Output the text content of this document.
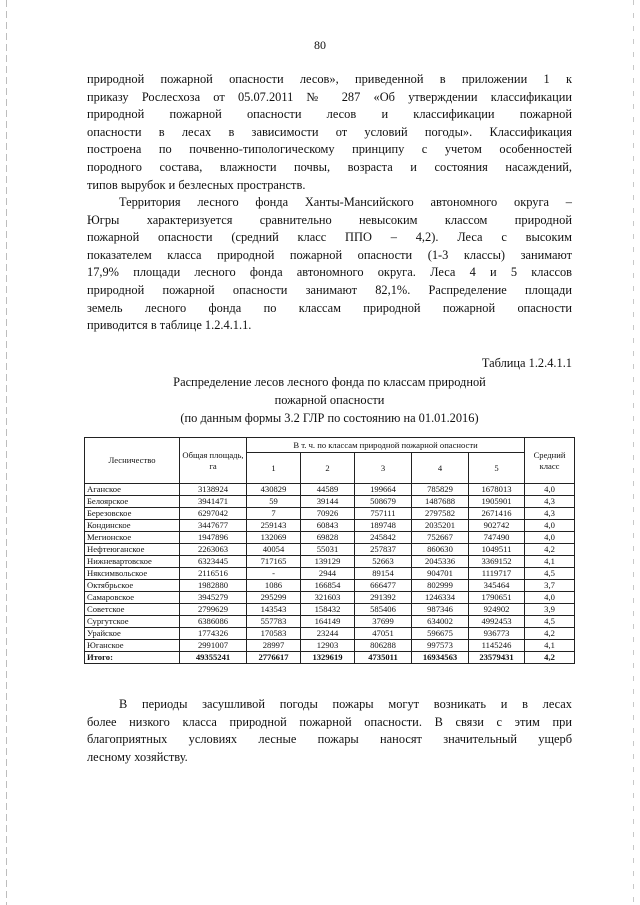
80

природной пожарной опасности лесов», приведенной в приложении 1 к
приказу Рослесхоза от 05.07.2011 № 287 «Об утверждении классификации
природной пожарной опасности лесов и классификации пожарной
опасности в лесах в зависимости от условий погоды». Классификация
построена по почвенно-типологическому принципу с учетом особенностей
породного состава, влажности почвы, возраста и состояния насаждений,
типов вырубок и безлесных пространств.

Территория лесного фонда Ханты-Мансийского автономного округа –
Югры характеризуется сравнительно невысоким классом природной
пожарной опасности (средний класс ППО – 4,2). Леса с высоким
показателем класса природной пожарной опасности (1-3 классы) занимают
17,9% площади лесного фонда автономного округа. Леса 4 и 5 классов
природной пожарной опасности занимают 82,1%. Распределение площади
земель лесного фонда по классам природной пожарной опасности
приводится в таблице 1.2.4.1.1.

Таблица 1.2.4.1.1
Распределение лесов лесного фонда по классам природной
пожарной опасности
(по данным формы 3.2 ГЛР по состоянию на 01.01.2016)
Лесничество	Общая площадь, га	В т. ч. по классам природной пожарной опасности					Средний класс
		1	2	3	4	5	
Аганское	3138924	430829	44589	199664	785829	1678013	4,0
Белоярское	3941471	59	39144	508679	1487688	1905901	4,3
Березовское	6297042	7	70926	757111	2797582	2671416	4,3
Кондинское	3447677	259143	60843	189748	2035201	902742	4,0
Мегионское	1947896	132069	69828	245842	752667	747490	4,0
Нефтеюганское	2263063	40054	55031	257837	860630	1049511	4,2
Нижневартовское	6323445	717165	139129	52663	2045336	3369152	4,1
Няксимвольское	2116516	-	2944	89154	904701	1119717	4,5
Октябрьское	1982880	1086	166854	666477	802999	345464	3,7
Самаровское	3945279	295299	321603	291392	1246334	1790651	4,0
Советское	2799629	143543	158432	585406	987346	924902	3,9
Сургутское	6386086	557783	164149	37699	634002	4992453	4,5
Урайское	1774326	170583	23244	47051	596675	936773	4,2
Юганское	2991007	28997	12903	806288	997573	1145246	4,1
Итого:	49355241	2776617	1329619	4735011	16934563	23579431	4,2

В периоды засушливой погоды пожары могут возникать и в лесах
более низкого класса природной пожарной опасности. В связи с этим при
благоприятных условиях лесные пожары наносят значительный ущерб
лесному хозяйству.
